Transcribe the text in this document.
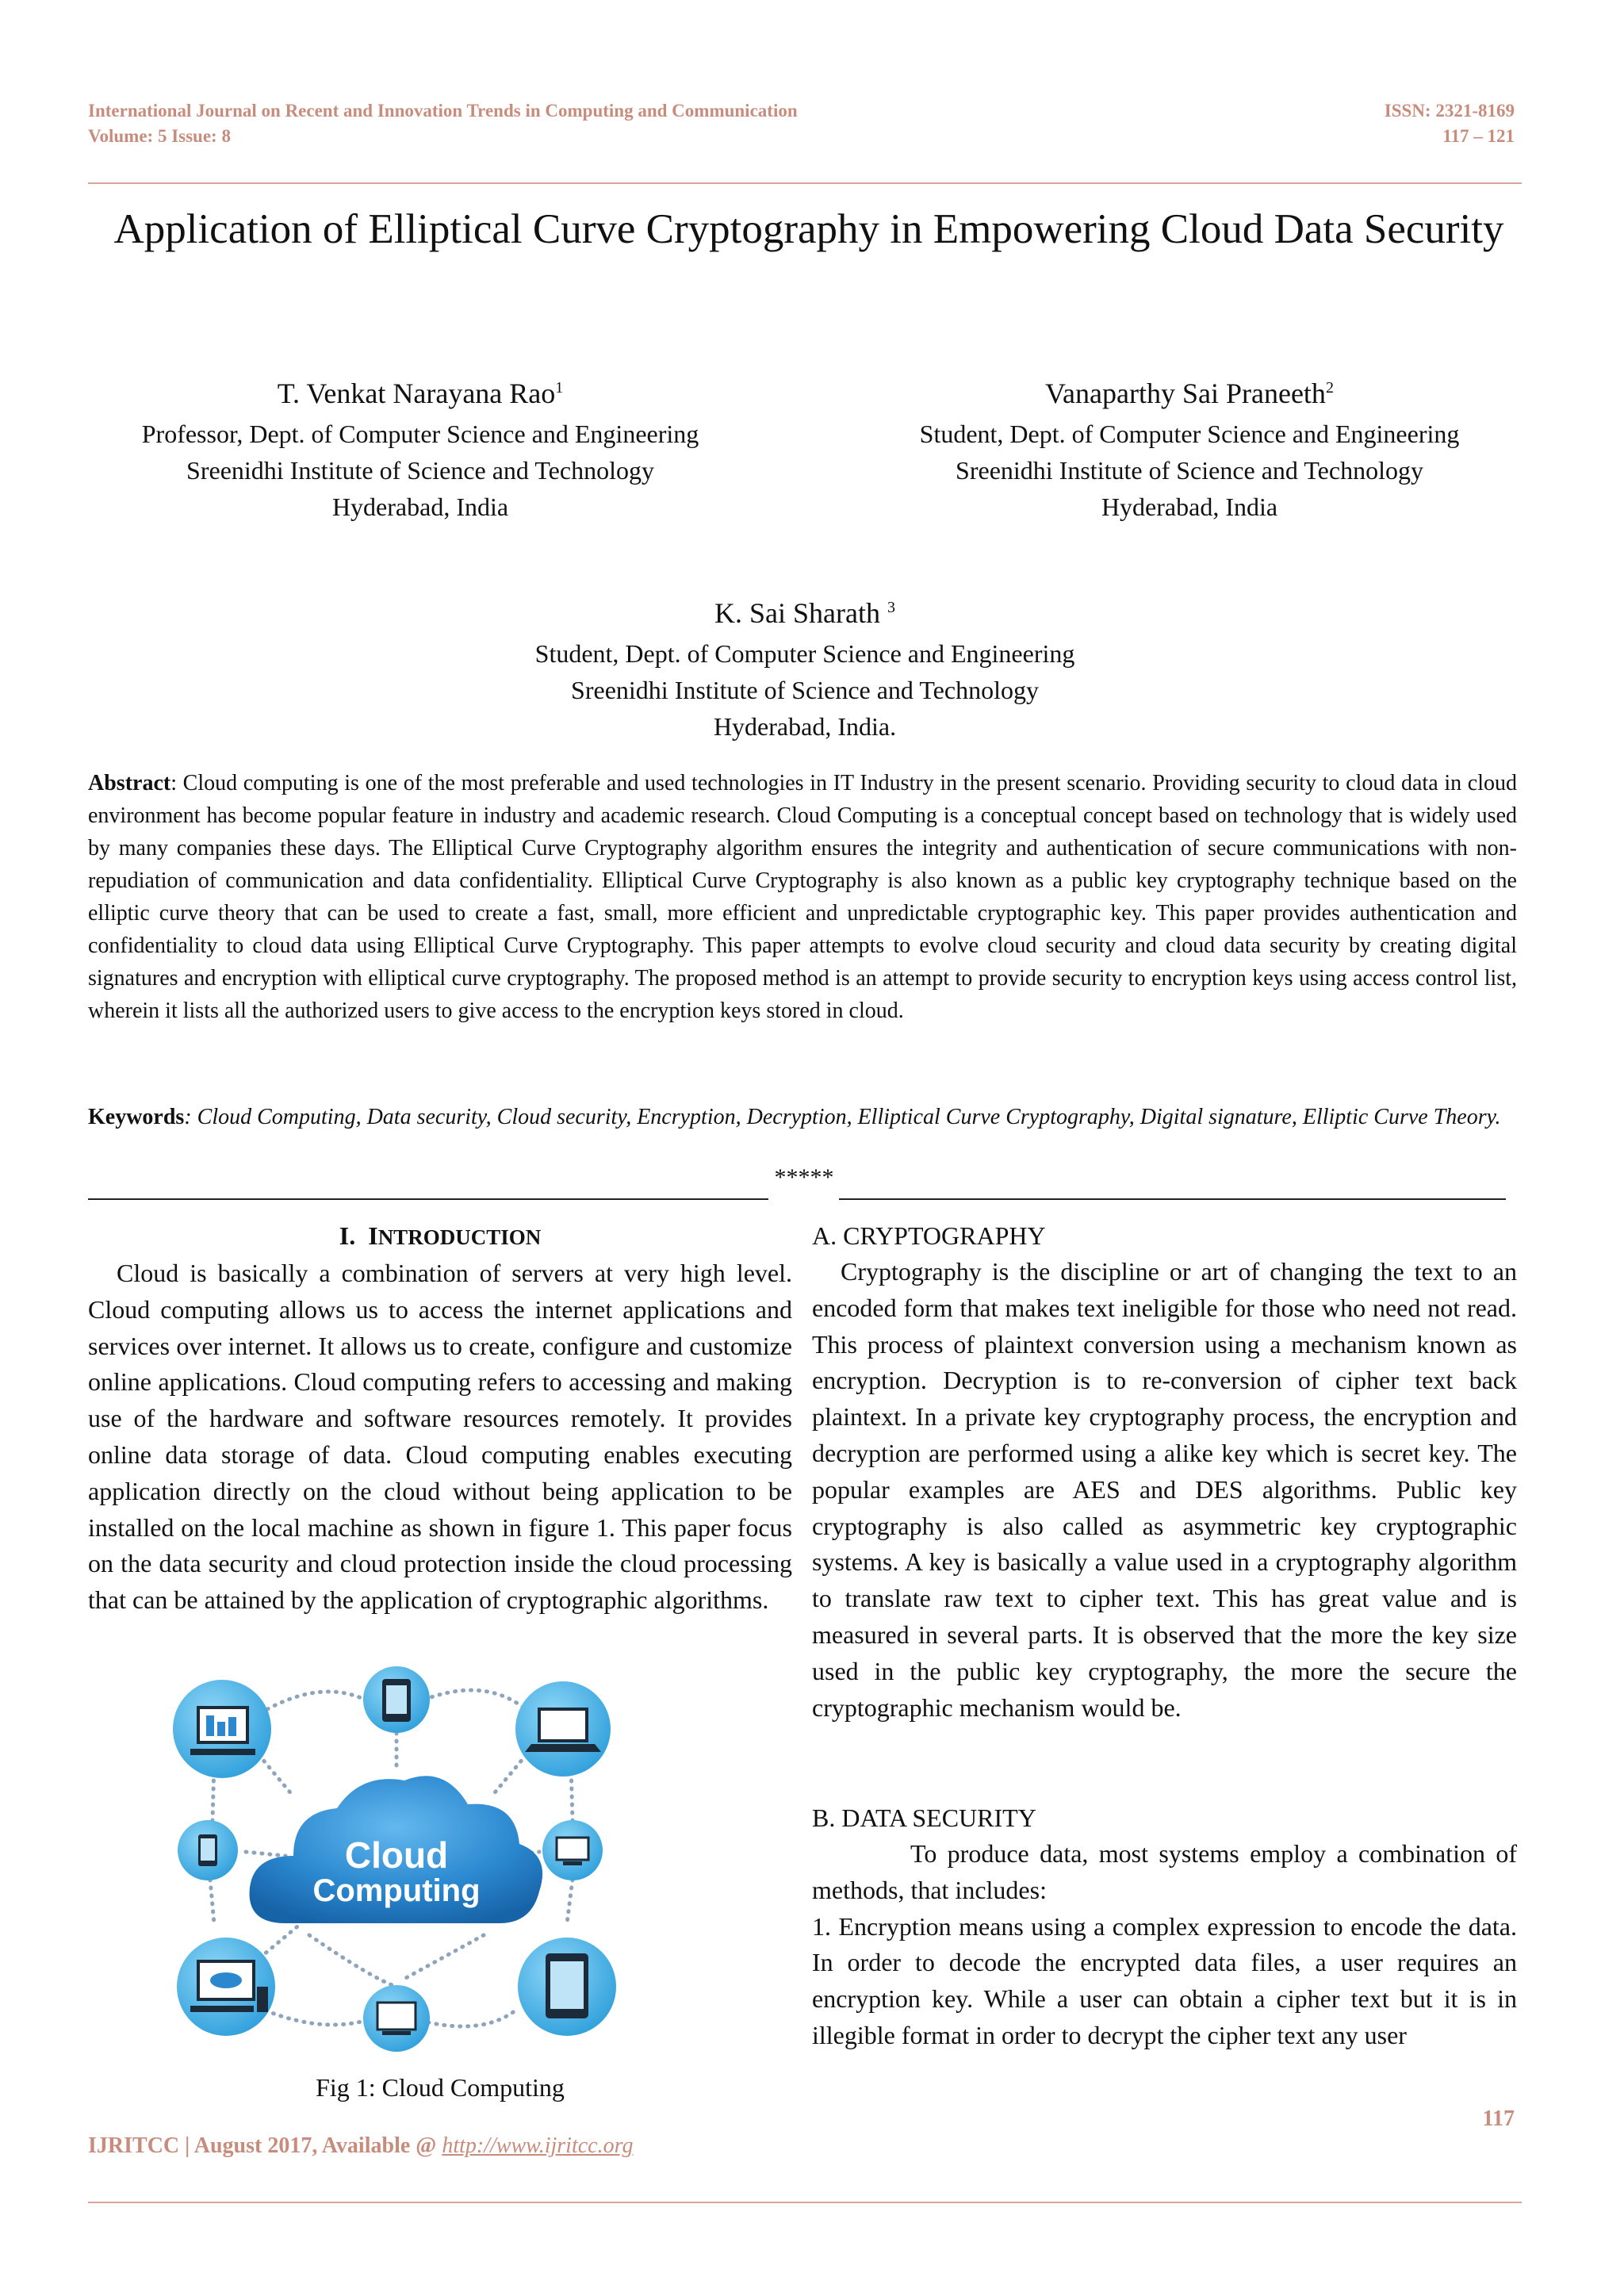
International Journal on Recent and Innovation Trends in Computing and Communication
Volume: 5 Issue: 8
ISSN: 2321-8169
117 – 121
Application of Elliptical Curve Cryptography in Empowering Cloud Data Security
T. Venkat Narayana Rao$^1$
Professor, Dept. of Computer Science and Engineering
Sreenidhi Institute of Science and Technology
Hyderabad, India
Vanaparthy Sai Praneeth$^2$
Student, Dept. of Computer Science and Engineering
Sreenidhi Institute of Science and Technology
Hyderabad, India
K. Sai Sharath $^3$
Student, Dept. of Computer Science and Engineering
Sreenidhi Institute of Science and Technology
Hyderabad, India.
Abstract: Cloud computing is one of the most preferable and used technologies in IT Industry in the present scenario. Providing security to cloud data in cloud environment has become popular feature in industry and academic research. Cloud Computing is a conceptual concept based on technology that is widely used by many companies these days. The Elliptical Curve Cryptography algorithm ensures the integrity and authentication of secure communications with non-repudiation of communication and data confidentiality. Elliptical Curve Cryptography is also known as a public key cryptography technique based on the elliptic curve theory that can be used to create a fast, small, more efficient and unpredictable cryptographic key. This paper provides authentication and confidentiality to cloud data using Elliptical Curve Cryptography. This paper attempts to evolve cloud security and cloud data security by creating digital signatures and encryption with elliptical curve cryptography. The proposed method is an attempt to provide security to encryption keys using access control list, wherein it lists all the authorized users to give access to the encryption keys stored in cloud.
Keywords: Cloud Computing, Data security, Cloud security, Encryption, Decryption, Elliptical Curve Cryptography, Digital signature, Elliptic Curve Theory.
*****
I. INTRODUCTION
Cloud is basically a combination of servers at very high level. Cloud computing allows us to access the internet applications and services over internet. It allows us to create, configure and customize online applications. Cloud computing refers to accessing and making use of the hardware and software resources remotely. It provides online data storage of data. Cloud computing enables executing application directly on the cloud without being application to be installed on the local machine as shown in figure 1. This paper focus on the data security and cloud protection inside the cloud processing that can be attained by the application of cryptographic algorithms.
Cloud
Computing
Fig 1: Cloud Computing
A. CRYPTOGRAPHY
Cryptography is the discipline or art of changing the text to an encoded form that makes text ineligible for those who need not read. This process of plaintext conversion using a mechanism known as encryption. Decryption is to re-conversion of cipher text back plaintext. In a private key cryptography process, the encryption and decryption are performed using a alike key which is secret key. The popular examples are AES and DES algorithms. Public key cryptography is also called as asymmetric key cryptographic systems. A key is basically a value used in a cryptography algorithm to translate raw text to cipher text. This has great value and is measured in several parts. It is observed that the more the key size used in the public key cryptography, the more the secure the cryptographic mechanism would be.
B. DATA SECURITY
To produce data, most systems employ a combination of methods, that includes:
1. Encryption means using a complex expression to encode the data. In order to decode the encrypted data files, a user requires an encryption key. While a user can obtain a cipher text but it is in illegible format in order to decrypt the cipher text any user
117
IJRITCC | August 2017, Available @ http://www.ijritcc.org
